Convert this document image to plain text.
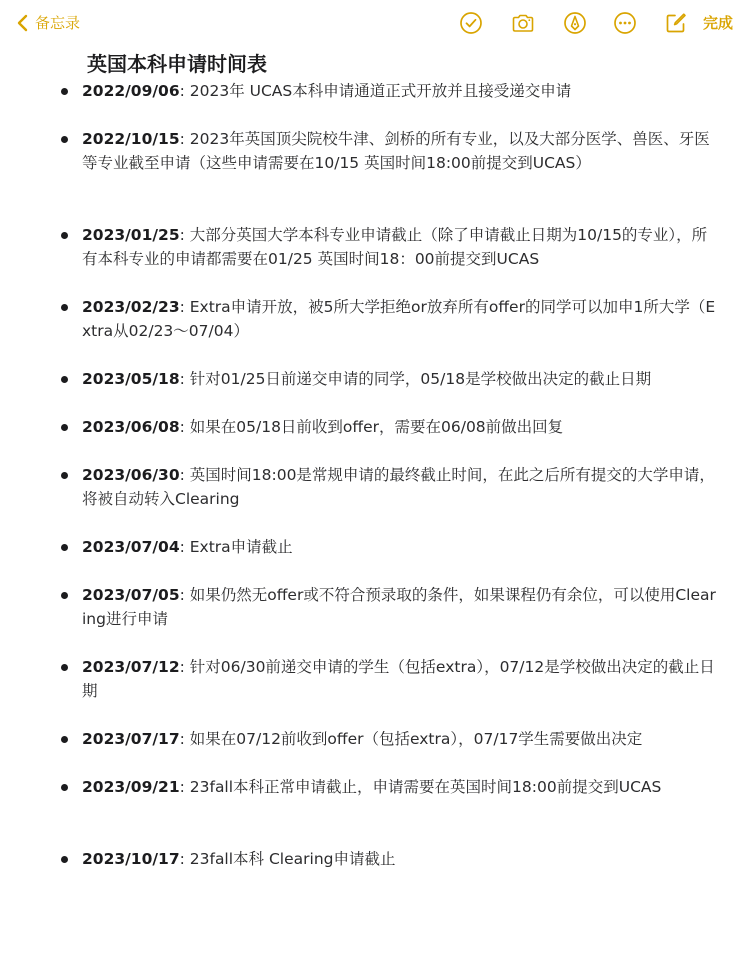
备忘录	完成
英国本科申请时间表
2022/09/06: 2023年 UCAS本科申请通道正式开放并且接受递交申请
2022/10/15: 2023年英国顶尖院校牛津、剑桥的所有专业，以及大部分医学、兽医、牙医等专业截至申请（这些申请需要在10/15 英国时间18:00前提交到UCAS）
2023/01/25: 大部分英国大学本科专业申请截止（除了申请截止日期为10/15的专业），所有本科专业的申请都需要在01/25 英国时间18：00前提交到UCAS
2023/02/23: Extra申请开放，被5所大学拒绝or放弃所有offer的同学可以加申1所大学（Extra从02/23～07/04）
2023/05/18: 针对01/25日前递交申请的同学，05/18是学校做出决定的截止日期
2023/06/08: 如果在05/18日前收到offer，需要在06/08前做出回复
2023/06/30: 英国时间18:00是常规申请的最终截止时间，在此之后所有提交的大学申请，将被自动转入Clearing
2023/07/04: Extra申请截止
2023/07/05: 如果仍然无offer或不符合预录取的条件，如果课程仍有余位，可以使用Clearing进行申请
2023/07/12: 针对06/30前递交申请的学生（包括extra），07/12是学校做出决定的截止日期
2023/07/17: 如果在07/12前收到offer（包括extra），07/17学生需要做出决定
2023/09/21: 23fall本科正常申请截止，申请需要在英国时间18:00前提交到UCAS
2023/10/17: 23fall本科 Clearing申请截止
